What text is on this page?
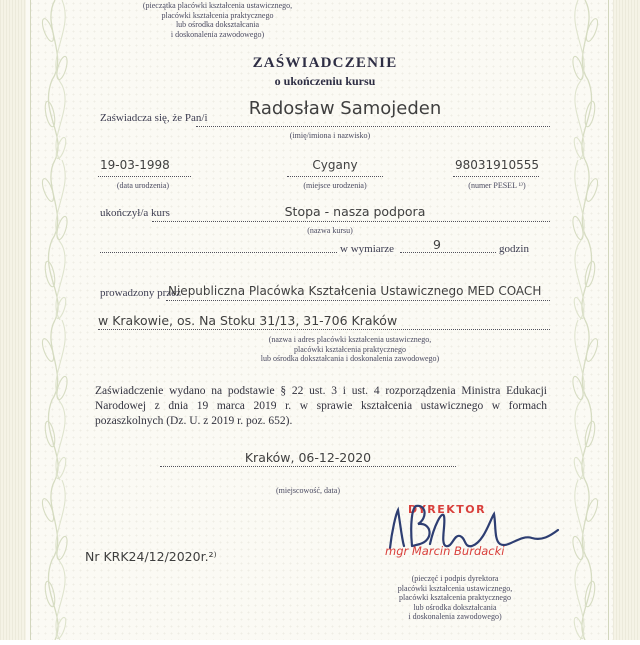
(pieczątka placówki kształcenia ustawicznego,
placówki kształcenia praktycznego
lub ośrodka dokształcania
i doskonalenia zawodowego)
ZAŚWIADCZENIE
o ukończeniu kursu
Zaświadcza się, że Pan/i	Radosław Samojeden
(imię/imiona i nazwisko)
19-03-1998
(data urodzenia)
Cygany
(miejsce urodzenia)
98031910555
(numer PESEL ¹⁾)
ukończył/a kurs	Stopa - nasza podpora
(nazwa kursu)
w wymiarze	9	godzin
prowadzony przez
Niepubliczna Placówka Kształcenia Ustawicznego MED COACH
w Krakowie, os. Na Stoku 31/13, 31-706 Kraków
(nazwa i adres placówki kształcenia ustawicznego,
placówki kształcenia praktycznego
lub ośrodka dokształcania i doskonalenia zawodowego)
Zaświadczenie wydano na podstawie § 22 ust. 3 i ust. 4 rozporządzenia Ministra Edukacji Narodowej z dnia 19 marca 2019 r. w sprawie kształcenia ustawicznego w formach pozaszkolnych (Dz. U. z 2019 r. poz. 652).
Kraków, 06-12-2020
(miejscowość, data)
DYREKTOR
mgr Marcin Burdacki
Nr KRK24/12/2020r.²⁾
(pieczęć i podpis dyrektora
placówki kształcenia ustawicznego,
placówki kształcenia praktycznego
lub ośrodka dokształcania
i doskonalenia zawodowego)
